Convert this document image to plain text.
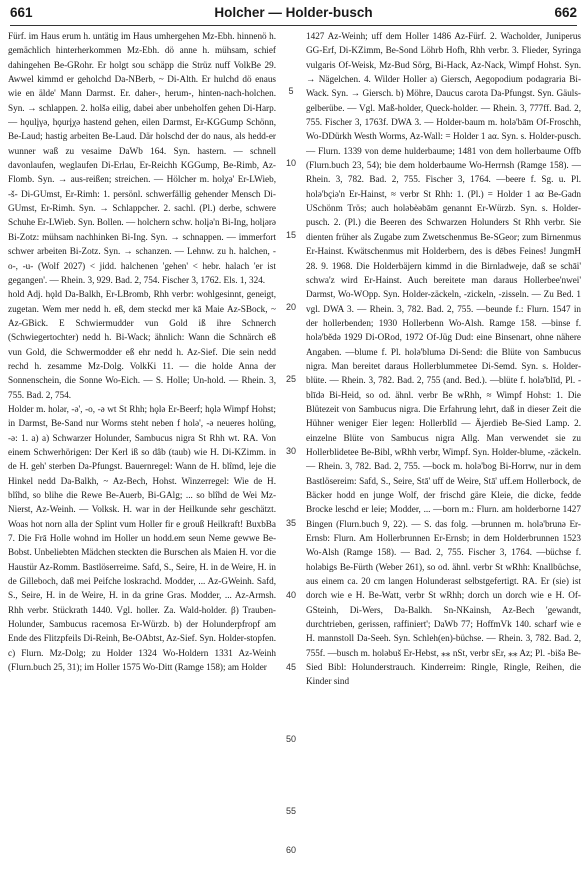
661	Holcher — Holder-busch	662

Fürf. im Haus erum h. untätig im Haus umhergehen Mz-Ebh. hinnenö h. gemächlich hinterherkommen Mz-Ebh. dö anne h. mühsam, schief dahingehen Be-GRohr. Er holgt sou schäpp die Strüz nuff VolkBe 29. Awwel kimmd er geholchd Da-NBerb, ~ Di-Alth. Er hulchd dö enaus wie en älde' Mann Darmst. Er. daher-, herum-, hinten-nach-holchen. Syn. → schlappen. 2. holšə eilig, dabei aber unbeholfen gehen Di-Harp. — hǫulįγə, hǫurįχə hastend gehen, eilen Darmst, Er-KGGump Schönn, Be-Laud; hastig arbeiten Be-Laud. Där holschd der do naus, als hedd-er wunner waß zu vesaime DaWb 164. Syn. hastern. — schnell davonlaufen, weglaufen Di-Erlau, Er-Reichh KGGump, Be-Rimb, Az-Flomb. Syn. → aus-reißen; streichen. — Hölcher m. holχə' Er-LWieb, -š- Di-GUmst, Er-Rimh: 1. persönl. schwerfällig gehender Mensch Di-GUmst, Er-Rimh. Syn. → Schlappcher. 2. sachl. (Pl.) derbe, schwere Schuhe Er-LWieb. Syn. Bollen. — holchern schw. holįə'n Bi-Ing, holįərə Bi-Zotz: mühsam nachhinken Bi-Ing. Syn. → schnappen. — immerfort schwer arbeiten Bi-Zotz. Syn. → schanzen. — Lehnw. zu h. halchen, -o-, -u- (Wolf 2027) < jidd. halchenen 'gehen' < hebr. halach 'er ist gegangen'. — Rhein. 3, 929. Bad. 2, 754. Fischer 3, 1762. Els. 1, 324.

hold Adj. hǫld Da-Balkh, Er-LBromb, Rhh verbr: wohlgesinnt, geneigt, zugetan. Wem mer nedd h. eß, dem steckd mer kā Maie Az-SBock, ~ Az-GBick. E Schwiermudder vun Gold iß ihre Schnerch (Schwiegertochter) nedd h. Bi-Wack; ähnlich: Wann die Schnärch eß vun Gold, die Schwermodder eß ehr nedd h. Az-Sief. Die sein nedd rechd h. zesamme Mz-Dolg. VolkKi 11. — die holde Anna der Sonnenschein, die Sonne Wo-Eich. — S. Holle; Un-hold. — Rhein. 3, 755. Bad. 2, 754.

Holder m. holər, -ə', -o, -ə wt St Rhh; hǫlə Er-Beerf; hǫlə Wimpf Hohst; in Darmst, Be-Sand nur Worms steht neben f holə', -ə neueres holüng, -ə: 1. a) a) Schwarzer Holunder, Sambucus nigra St Rhh wt. RA. Von einem Schwerhörigen: Der Kerl iß so dâb (taub) wie H. Di-KZimm. in de H. geh' sterben Da-Pfungst. Bauernregel: Wann de H. blîmd, leje die Hinkel nedd Da-Balkh, ~ Az-Bech, Hohst. Winzerregel: Wie de H. blîhd, so blihe die Rewe Be-Auerb, Bi-GAlg; ... so blîhd de Wei Mz-Nierst, Az-Weinh. — Volksk. H. war in der Heilkunde sehr geschätzt. Woas hot norn alla der Splint vum Holler fir e grouß Heilkraft! BuxbBa 7. Die Frā Holle wohnd im Holler un hodd.em seun Neme gewwe Be-Bobst. Unbeliebten Mädchen steckten die Burschen als Maien H. vor die Haustür Az-Romm. Bastlöserreime. Safd, S., Seire, H. in de Weire, H. in de Gilleboch, daß mei Peifche loskrachd. Modder, ... Az-GWeinh. Safd, S., Seire, H. in de Weire, H. in da grine Gras. Modder, ... Az-Armsh. Rhh verbr. Stückrath 1440. Vgl. holler. Za. Wald-holder. β) Trauben-Holunder, Sambucus racemosa Er-Würzb. b) der Holunderpfropf am Ende des Flitzpfeils Di-Reinh, Be-OAbtst, Az-Sief. Syn. Holder-stopfen. c) Flurn. Mz-Dolg; zu Holder 1324 Wo-Holdern 1331 Az-Weinh (Flurn.buch 25, 31); im Holler 1575 Wo-Ditt (Ramge 158); am Holder

5
10
15
20
25
30
35
40
45
50
55
60

1427 Az-Weinh; uff dem Holler 1486 Az-Fürf. 2. Wacholder, Juniperus GG-Erf, Di-KZimm, Be-Sond Löhrb Hofh, Rhh verbr. 3. Flieder, Syringa vulgaris Of-Weisk, Mz-Bud Sörg, Bi-Hack, Az-Nack, Wimpf Hohst. Syn. → Nägelchen. 4. Wilder Holler a) Giersch, Aegopodium podagraria Bi-Wack. Syn. → Giersch. b) Möhre, Daucus carota Da-Pfungst. Syn. Gäuls-gelberübe. — Vgl. Maß-holder, Queck-holder. — Rhein. 3, 777ff. Bad. 2, 755. Fischer 3, 1763f. DWA 3. — Holder-baum m. holə'bām Of-Froschh, Wo-DDürkh Westh Worms, Az-Wall: = Holder 1 aα. Syn. s. Holder-pusch. — Flurn. 1339 von deme hulderbaume; 1481 von dem hollerbaume Offb (Flurn.buch 23, 54); bie dem holderbaume Wo-Herrnsh (Ramge 158). — Rhein. 3, 782. Bad. 2, 755. Fischer 3, 1764. —beere f. Sg. u. Pl. holə'bçiə'n Er-Hainst, ≈ verbr St Rhh: 1. (Pl.) = Holder 1 aα Be-Gadn USchönm Trös; auch holəbèəbām genannt Er-Würzb. Syn. s. Holder-pusch. 2. (Pl.) die Beeren des Schwarzen Holunders St Rhh verbr. Sie dienten früher als Zugabe zum Zwetschenmus Be-SGeor; zum Birnenmus Er-Hainst. Kwätschenmus mit Holderbern, des is dēbes Feines! JungmH 28. 9. 1968. Die Holderbäjern kimmd in die Birnladweje, daß se schāi' schwa'z wird Er-Hainst. Auch bereitete man daraus Hollerbee'nwei' Darmst, Wo-WOpp. Syn. Holder-zäckeln, -zickeln, -zisseln. — Zu Bed. 1 vgl. DWA 3. — Rhein. 3, 782. Bad. 2, 755. —beunde f.: Flurn. 1547 in der hollerbenden; 1930 Hollerbenn Wo-Alsh. Ramge 158. —binse f. holə'bĕdə 1929 Di-ORod, 1972 Of-Jüg Dud: eine Binsenart, ohne nähere Angaben. —blume f. Pl. holə'blumə Di-Send: die Blüte von Sambucus nigra. Man bereitet daraus Hollerblummetee Di-Semd. Syn. s. Holder-blüte. — Rhein. 3, 782. Bad. 2, 755 (and. Bed.). —blüte f. holə'blīd, Pl. -blīdə Bi-Heid, so od. ähnl. verbr Be wRhh, ≈ Wimpf Hohst: 1. Die Blütezeit von Sambucus nigra. Die Erfahrung lehrt, daß in dieser Zeit die Hühner weniger Eier legen: Hollerblîd — Äjerdieb Be-Sied Lamp. 2. einzelne Blüte von Sambucus nigra Allg. Man verwendet sie zu Hollerblidetee Be-Bibl, wRhh verbr, Wimpf. Syn. Holder-blume, -zäckeln. — Rhein. 3, 782. Bad. 2, 755. —bock m. holə'bog Bi-Horrw, nur in dem Bastlösereim: Safd, S., Seire, Stā' uff de Weire, Stā' uff.em Hollerbock, de Bäcker hodd en junge Wolf, der frischd gäre Kleie, die dicke, fedde Brocke leschd er leie; Modder, ... —born m.: Flurn. am holderborne 1427 Bingen (Flurn.buch 9, 22). — S. das folg. —brunnen m. holə'brunə Er-Ernsb: Flurn. Am Hollerbrunnen Er-Ernsb; in dem Holderbrunnen 1523 Wo-Alsh (Ramge 158). — Bad. 2, 755. Fischer 3, 1764. —büchse f. holəbigs Be-Fürth (Weber 261), so od. ähnl. verbr St wRhh: Knallbüchse, aus einem ca. 20 cm langen Holunderast selbstgefertigt. RA. Er (sie) ist dorch wie e H. Be-Watt, verbr St wRhh; dorch un dorch wie e H. Of-GSteinh, Di-Wers, Da-Balkh. Sn-NKainsh, Az-Bech 'gewandt, durchtrieben, gerissen, raffiniert'; DaWb 77; HoffmVk 140. scharf wie e H. mannstoll Da-Seeh. Syn. Schleh(en)-büchse. — Rhein. 3, 782. Bad. 2, 755f. —busch m. holəbuš Er-Hebst, ⁎⁎ nSt, verbr sEr, ⁎⁎ Az; Pl. -bišə Be-Sied Bibl: Holunderstrauch. Kinderreim: Ringle, Ringle, Reihen, die Kinder sind
